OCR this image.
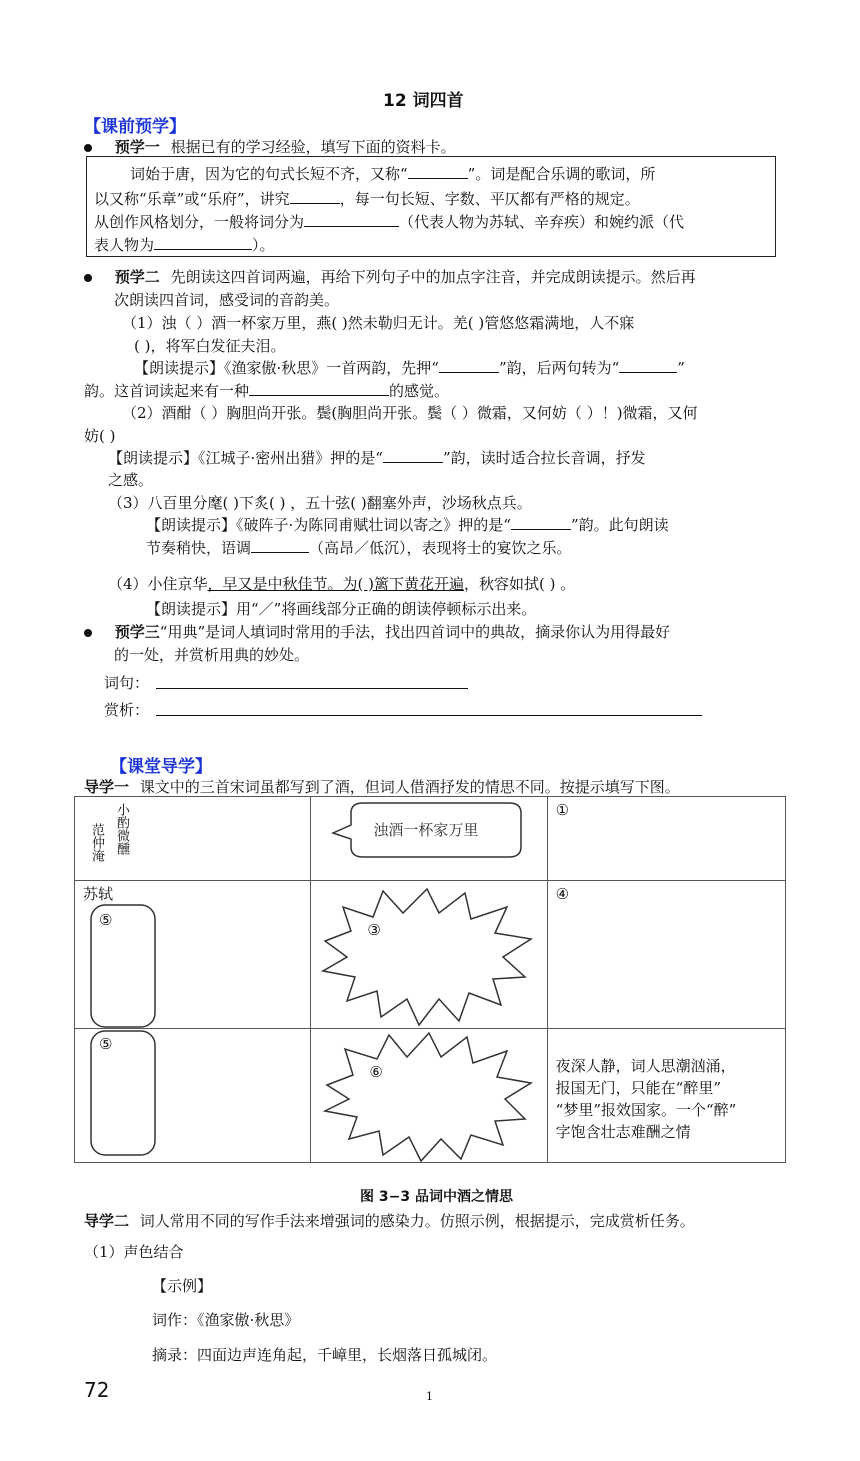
12 词四首
【课前预学】
预学一 根据已有的学习经验，填写下面的资料卡。
词始于唐，因为它的句式长短不齐，又称“	”。词是配合乐调的歌词，所
以又称“乐章”或“乐府”，讲究	，每一句长短、字数、平仄都有严格的规定。
从创作风格划分，一般将词分为	（代表人物为苏轼、辛弃疾）和婉约派（代
表人物为	）。
预学二 先朗读这四首词两遍，再给下列句子中的加点字注音，并完成朗读提示。然后再
次朗读四首词，感受词的音韵美。
（1）浊（ ）酒一杯家万里，燕( )然未勒归无计。羌( )管悠悠霜满地，人不寐
( )，将军白发征夫泪。
【朗读提示】《渔家傲·秋思》一首两韵，先押“	”韵，后两句转为“	”
韵。这首词读起来有一种	的感觉。
（2）酒酣（ ）胸胆尚开张。鬓(胸胆尚开张。鬓（ ）微霜，又何妨（ ）！)微霜，又何
妨( )
【朗读提示】《江城子·密州出猎》押的是“	”韵，读时适合拉长音调，抒发
之感。
（3）八百里分麾( )下炙( ) ，五十弦( )翻塞外声，沙场秋点兵。
【朗读提示】《破阵子·为陈同甫赋壮词以寄之》押的是“	”韵。此句朗读
节奏稍快，语调	（高昂／低沉），表现将士的宴饮之乐。
（4）小住京华，早又是中秋佳节。为( )篱下黄花开遍，秋容如拭( ) 。
【朗读提示】用“／”将画线部分正确的朗读停顿标示出来。
预学三“用典”是词人填词时常用的手法，找出四首词中的典故，摘录你认为用得最好
的一处，并赏析用典的妙处。
词句：
赏析：
【课堂导学】
导学一 课文中的三首宋词虽都写到了酒，但词人借酒抒发的情思不同。按提示填写下图。
范仲淹 小酌微醺	浊酒一杯家万里	①

苏轼
⑤	③	④

⑤	⑥	夜深人静，词人思潮汹涌，
报国无门，只能在“醉里”
“梦里”报效国家。一个“醉”
字饱含壮志难酬之情
图 3−3 品词中酒之情思
导学二 词人常用不同的写作手法来增强词的感染力。仿照示例，根据提示，完成赏析任务。
（1）声色结合
【示例】
词作：《渔家傲·秋思》
摘录：四面边声连角起，千嶂里，长烟落日孤城闭。
72	1
